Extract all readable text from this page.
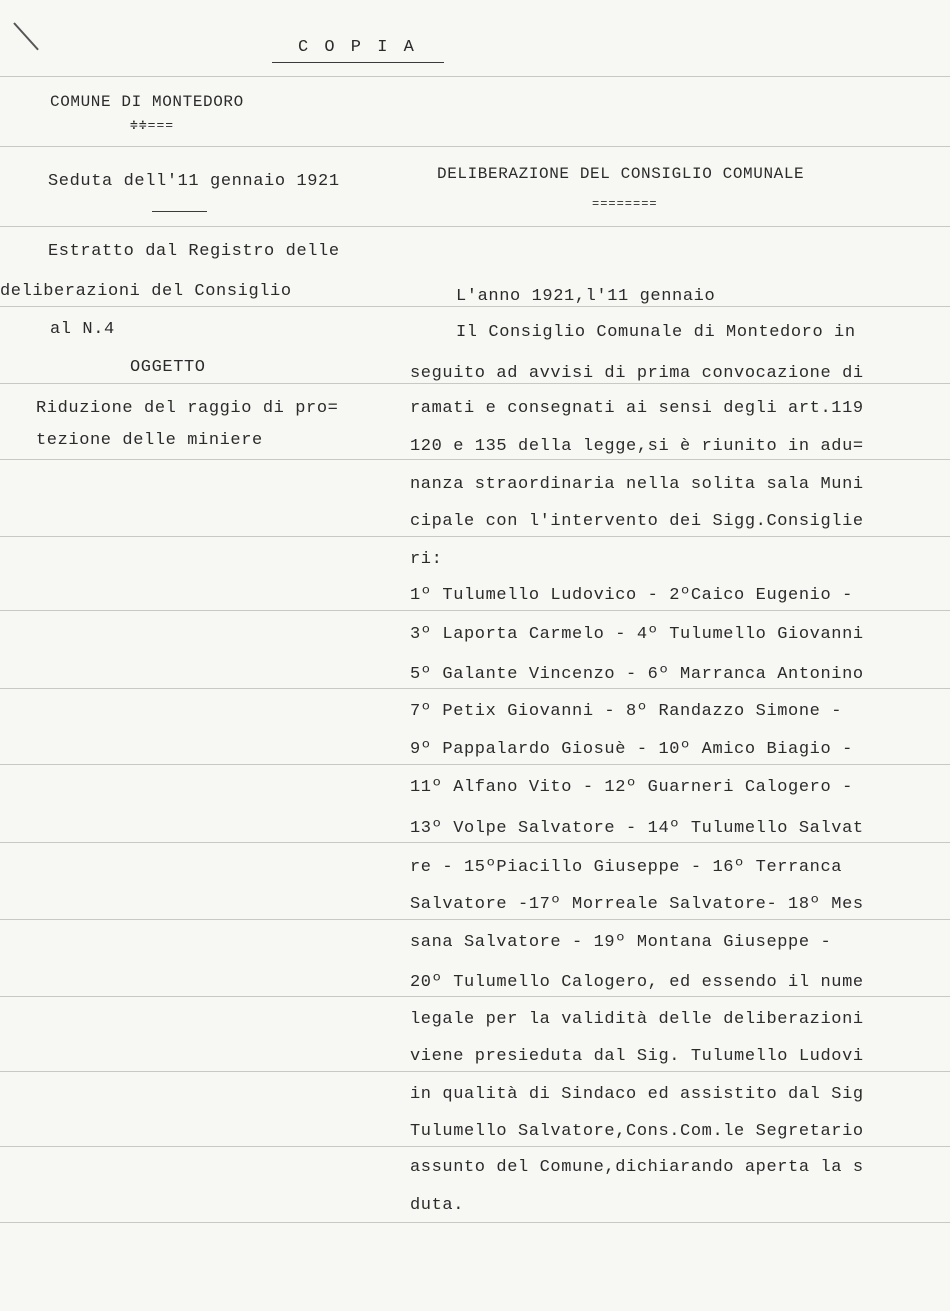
C O P I A
COMUNE DI MONTEDORO
≑≑===
Seduta dell'11 gennaio 1921	DELIBERAZIONE DEL CONSIGLIO COMUNALE
========
Estratto dal Registro delle
deliberazioni del Consiglio
al N.4
OGGETTO
Riduzione del raggio di pro=
tezione delle miniere
L'anno 1921,l'11 gennaio
Il Consiglio Comunale di Montedoro in
seguito ad avvisi di prima convocazione di
ramati e consegnati ai sensi degli art.119
120 e 135 della legge,si è riunito in adu=
nanza straordinaria nella solita sala Muni
cipale con l'intervento dei Sigg.Consiglie
ri:
1º Tulumello Ludovico - 2ºCaico Eugenio -
3º Laporta Carmelo - 4º Tulumello Giovanni
5º Galante Vincenzo - 6º Marranca Antonino
7º Petix Giovanni - 8º Randazzo Simone -
9º Pappalardo Giosuè - 10º Amico Biagio -
11º Alfano Vito - 12º Guarneri Calogero -
13º Volpe Salvatore - 14º Tulumello Salvat
re - 15ºPiacillo Giuseppe - 16º Terranca
Salvatore -17º Morreale Salvatore- 18º Mes
sana Salvatore - 19º Montana Giuseppe -
20º Tulumello Calogero, ed essendo il nume
legale per la validità delle deliberazioni
viene presieduta dal Sig. Tulumello Ludovi
in qualità di Sindaco ed assistito dal Sig
Tulumello Salvatore,Cons.Com.le Segretario
assunto del Comune,dichiarando aperta la s
duta.
